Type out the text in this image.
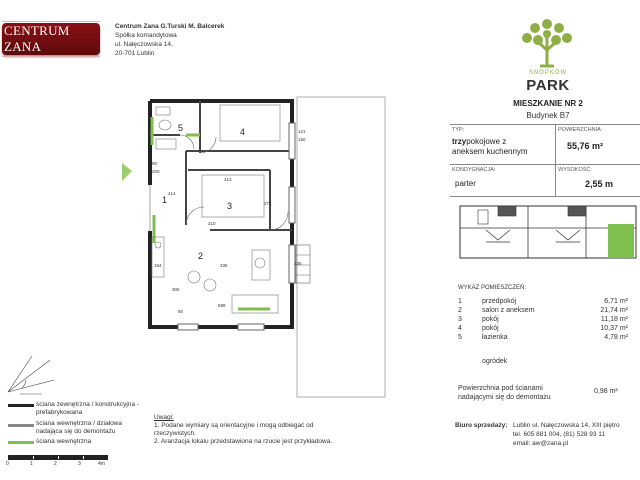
CENTRUM ZANA
Centrum Zana G.Turski M. Balcerek
Spółka komandytowa
ul. Nałęczowska 14,
20-701 Lublin
SNOPKÓW
PARK
MIESZKANIE NR 2
Budynek B7
TYP:
trzypokojowe z
aneksem kuchennym
POWIERZCHNIA:
55,76 m²
KONDYGNACJA:
parter
WYSOKOŚĆ:
2,55 m
5	4
1
3
2
90
200
414
413
271
335
588
121
150
235
305
80
210
154
ściana zewnętrzna / konstrukcyjna -
prefabrykowana
ściana wewnętrzna / działowa
nadająca się do demontażu
ściana wewnętrzna
0	1	2	3	4m
Uwagi:
1. Podane wymiary są orientacyjne i mogą odbiegać od
rzeczywistych.
2. Aranżacja lokalu przedstawiona na rzucie jest przykładowa.
WYKAZ POMIESZCZEŃ:
1	przedpokój	6,71 m²
2	salon z aneksem	21,74 m²
3	pokój	11,18 m²
4	pokój	10,37 m²
5	łazienka	4,78 m²
ogródek
Powierzchnia pod ścianami
nadającymi się do demontażu
0,98 m²
Biuro sprzedaży: Lublin ul. Nałęczowska 14, XIII piętro
tel. 605 881 004, (81) 528 93 11
email: aw@zana.pl
